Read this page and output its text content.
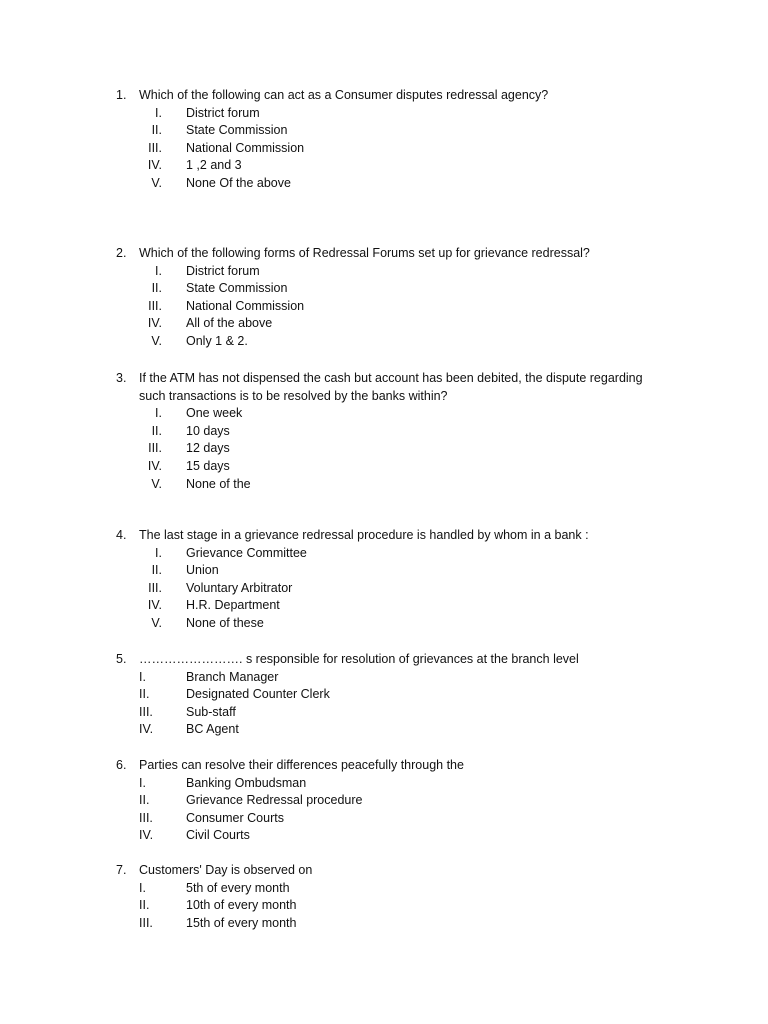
1. Which of the following can act as a Consumer disputes redressal agency?
I. District forum
II. State Commission
III. National Commission
IV. 1 ,2 and 3
V. None Of the above
2. Which of the following forms of Redressal Forums set up for grievance redressal?
I. District forum
II. State Commission
III. National Commission
IV. All of the above
V. Only 1 & 2.
3. If the ATM has not dispensed the cash but account has been debited, the dispute regarding
such transactions is to be resolved by the banks within?
I. One week
II. 10 days
III. 12 days
IV. 15 days
V. None of the
4. The last stage in a grievance redressal procedure is handled by whom in a bank :
I. Grievance Committee
II. Union
III. Voluntary Arbitrator
IV. H.R. Department
V. None of these
5. ……………………. s responsible for resolution of grievances at the branch level
I.	Branch Manager
II.	Designated Counter Clerk
III.	Sub-staff
IV.	BC Agent
6. Parties can resolve their differences peacefully through the
I.	Banking Ombudsman
II.	Grievance Redressal procedure
III.	Consumer Courts
IV.	Civil Courts
7. Customers' Day is observed on
I.	5th of every month
II.	10th of every month
III.	15th of every month
